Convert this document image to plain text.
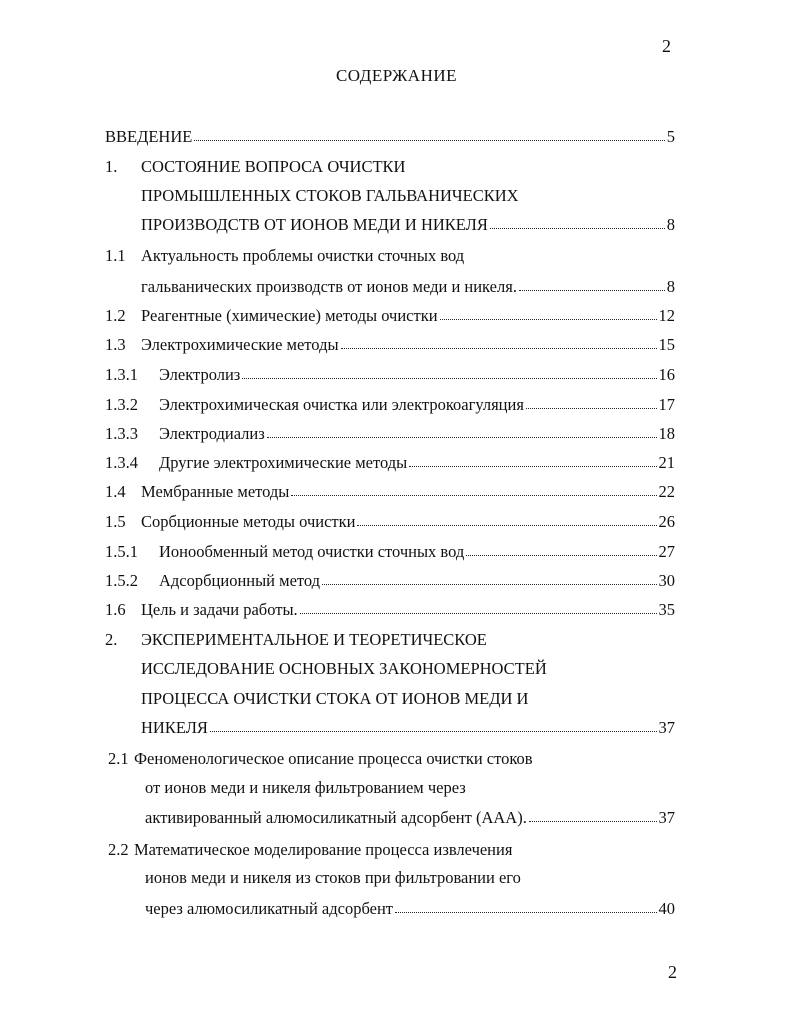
2
СОДЕРЖАНИЕ
ВВЕДЕНИЕ	5
1. СОСТОЯНИЕ ВОПРОСА ОЧИСТКИ
ПРОМЫШЛЕННЫХ СТОКОВ ГАЛЬВАНИЧЕСКИХ
ПРОИЗВОДСТВ ОТ ИОНОВ МЕДИ И НИКЕЛЯ	8
1.1 Актуальность проблемы очистки сточных вод
гальванических производств от ионов меди и никеля.	8
1.2 Реагентные (химические) методы очистки	12
1.3 Электрохимические методы	15
1.3.1	Электролиз	16
1.3.2	Электрохимическая очистка или электрокоагуляция	17
1.3.3	Электродиализ	18
1.3.4	Другие электрохимические методы	21
1.4 Мембранные методы	22
1.5 Сорбционные методы очистки	26
1.5.1	Ионообменный метод очистки сточных вод	27
1.5.2	Адсорбционный метод	30
1.6 Цель и задачи работы.	35
2. ЭКСПЕРИМЕНТАЛЬНОЕ И ТЕОРЕТИЧЕСКОЕ
ИССЛЕДОВАНИЕ ОСНОВНЫХ ЗАКОНОМЕРНОСТЕЙ
ПРОЦЕССА ОЧИСТКИ СТОКА ОТ ИОНОВ МЕДИ И
НИКЕЛЯ	37
2.1 Феноменологическое описание процесса очистки стоков
от ионов меди и никеля фильтрованием через
активированный алюмосиликатный адсорбент (ААА).	37
2.2 Математическое моделирование процесса извлечения
ионов меди и никеля из стоков при фильтровании его
через алюмосиликатный адсорбент	40
2
